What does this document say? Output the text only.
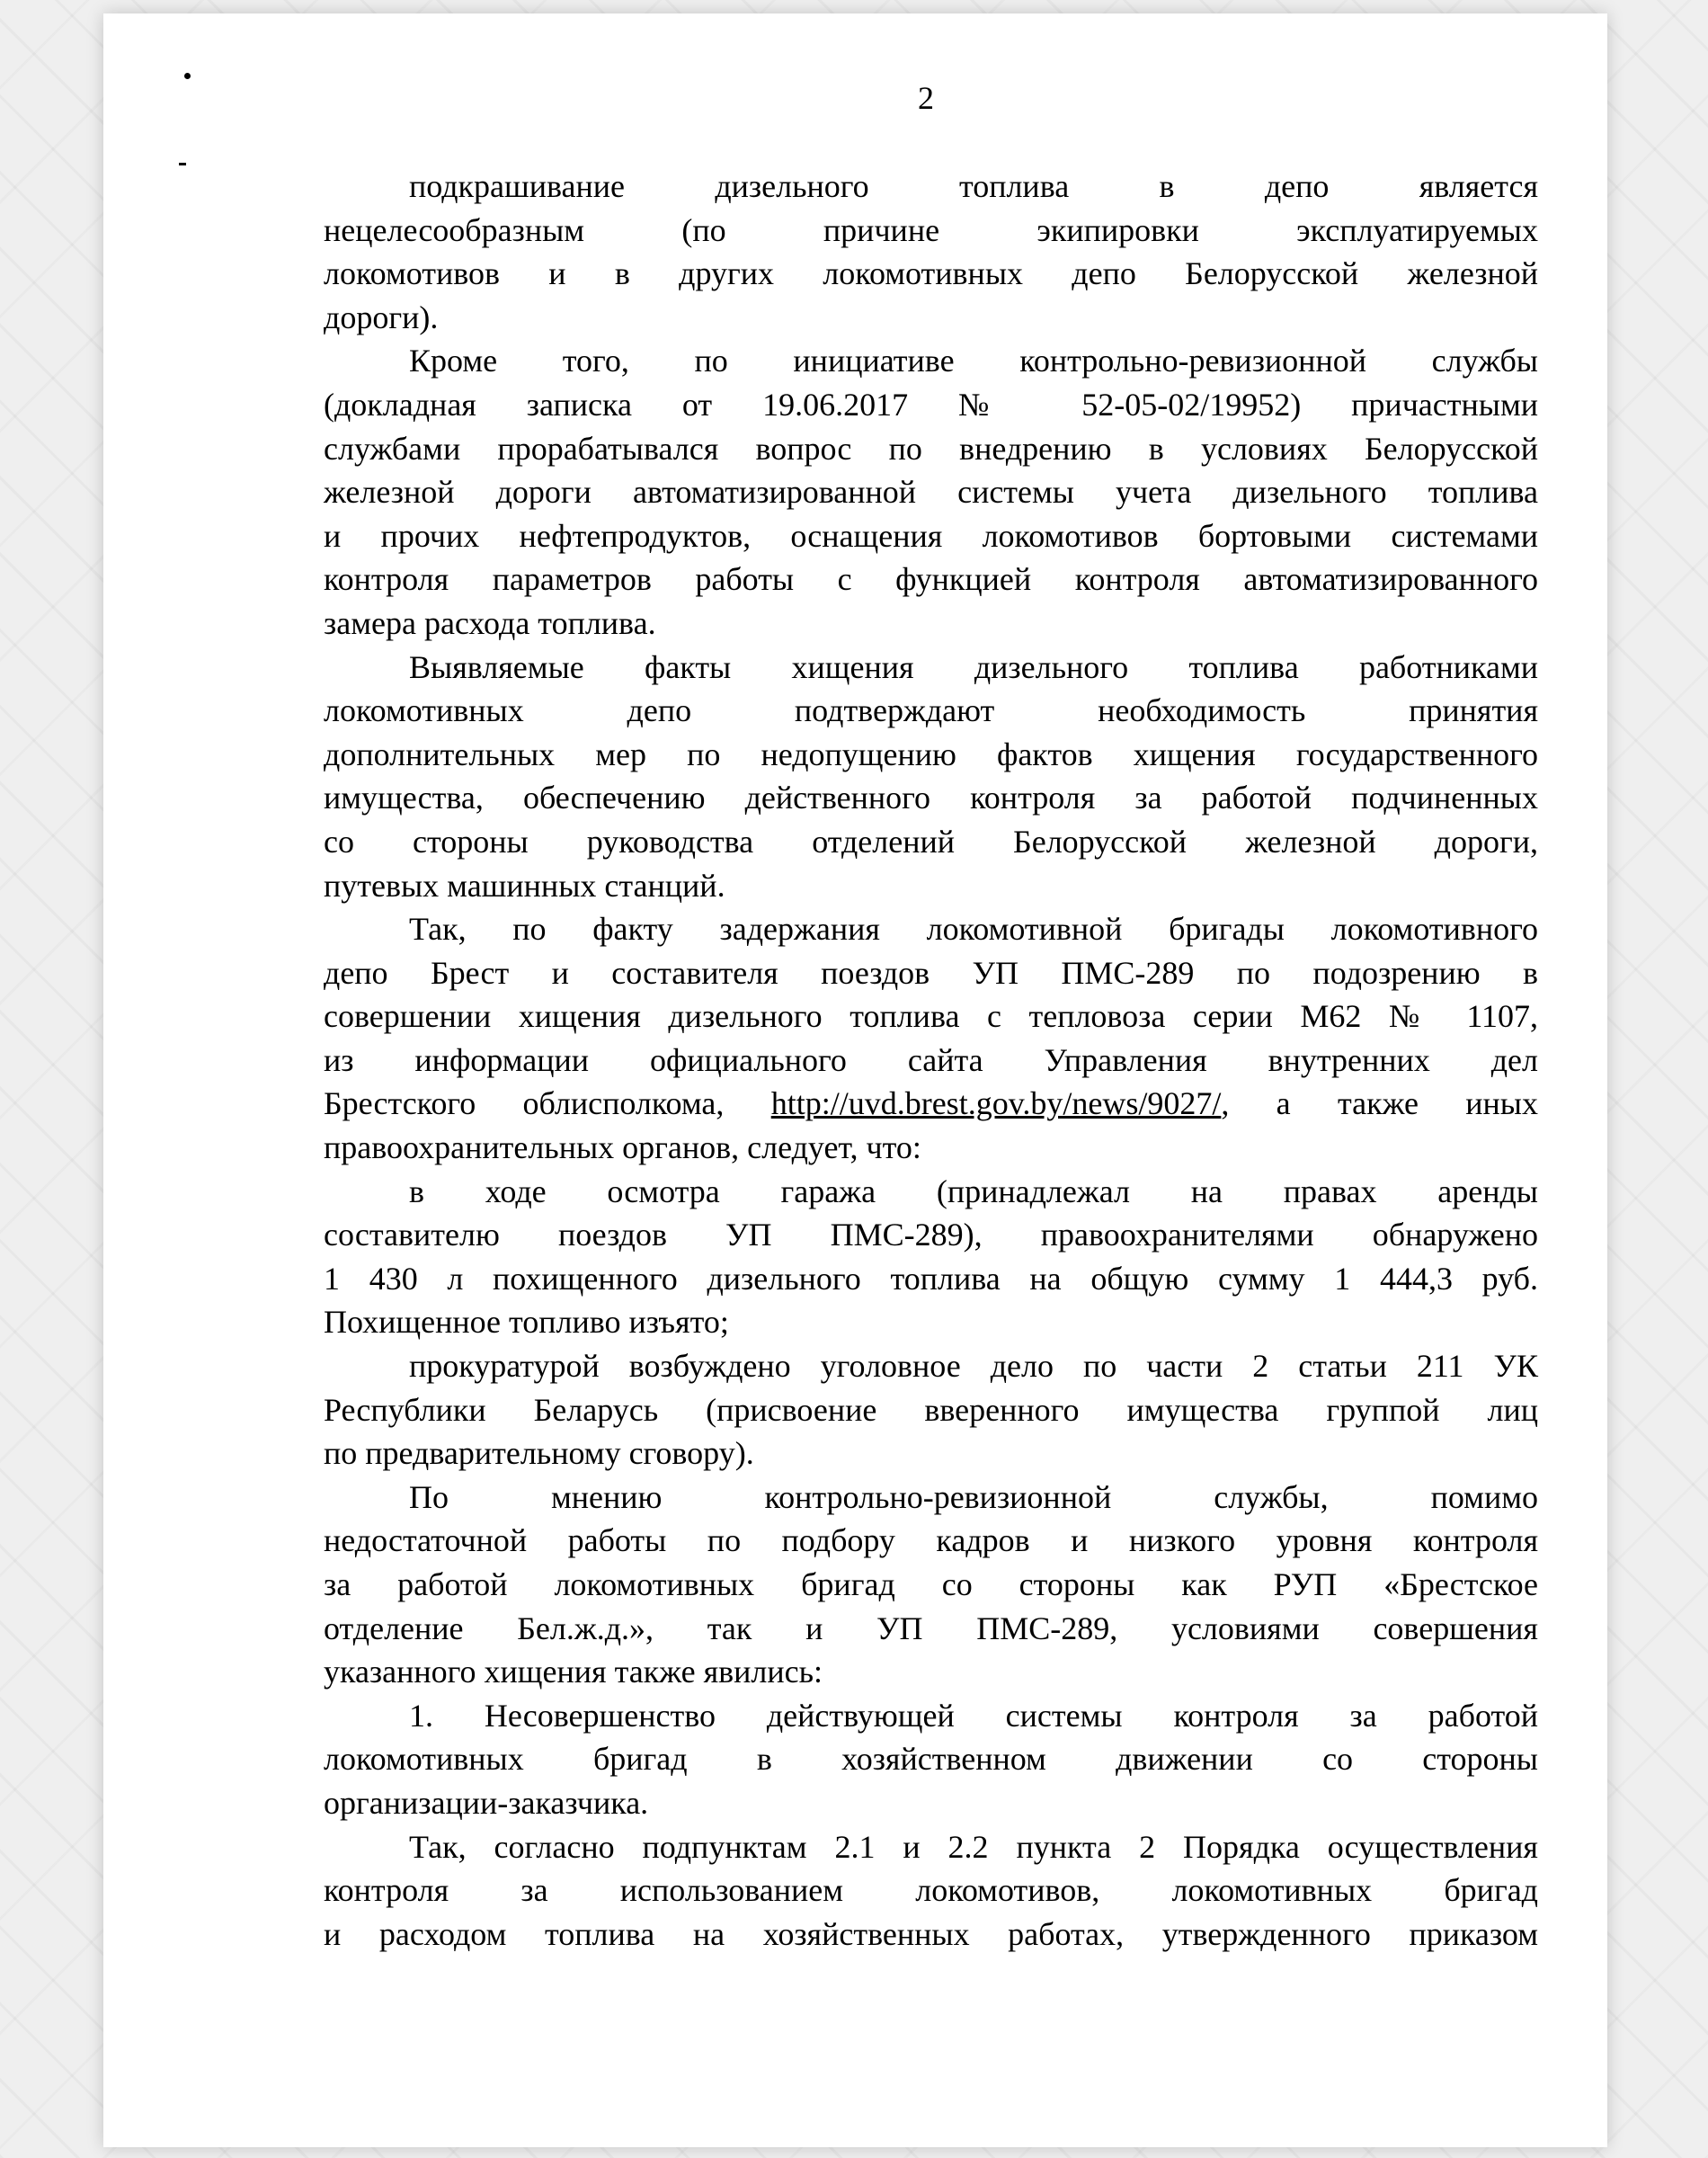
2
подкрашивание дизельного топлива в депо является
нецелесообразным (по причине экипировки эксплуатируемых
локомотивов и в других локомотивных депо Белорусской железной
дороги).
Кроме того, по инициативе контрольно-ревизионной службы
(докладная записка от 19.06.2017 № 52-05-02/19952) причастными
службами прорабатывался вопрос по внедрению в условиях Белорусской
железной дороги автоматизированной системы учета дизельного топлива
и прочих нефтепродуктов, оснащения локомотивов бортовыми системами
контроля параметров работы с функцией контроля автоматизированного
замера расхода топлива.
Выявляемые факты хищения дизельного топлива работниками
локомотивных депо подтверждают необходимость принятия
дополнительных мер по недопущению фактов хищения государственного
имущества, обеспечению действенного контроля за работой подчиненных
со стороны руководства отделений Белорусской железной дороги,
путевых машинных станций.
Так, по факту задержания локомотивной бригады локомотивного
депо Брест и составителя поездов УП ПМС-289 по подозрению в
совершении хищения дизельного топлива с тепловоза серии М62 № 1107,
из информации официального сайта Управления внутренних дел
Брестского облисполкома, http://uvd.brest.gov.by/news/9027/, а также иных
правоохранительных органов, следует, что:
в ходе осмотра гаража (принадлежал на правах аренды
составителю поездов УП ПМС-289), правоохранителями обнаружено
1 430 л похищенного дизельного топлива на общую сумму 1 444,3 руб.
Похищенное топливо изъято;
прокуратурой возбуждено уголовное дело по части 2 статьи 211 УК
Республики Беларусь (присвоение вверенного имущества группой лиц
по предварительному сговору).
По мнению контрольно-ревизионной службы, помимо
недостаточной работы по подбору кадров и низкого уровня контроля
за работой локомотивных бригад со стороны как РУП «Брестское
отделение Бел.ж.д.», так и УП ПМС-289, условиями совершения
указанного хищения также явились:
1. Несовершенство действующей системы контроля за работой
локомотивных бригад в хозяйственном движении со стороны
организации-заказчика.
Так, согласно подпунктам 2.1 и 2.2 пункта 2 Порядка осуществления
контроля за использованием локомотивов, локомотивных бригад
и расходом топлива на хозяйственных работах, утвержденного приказом
